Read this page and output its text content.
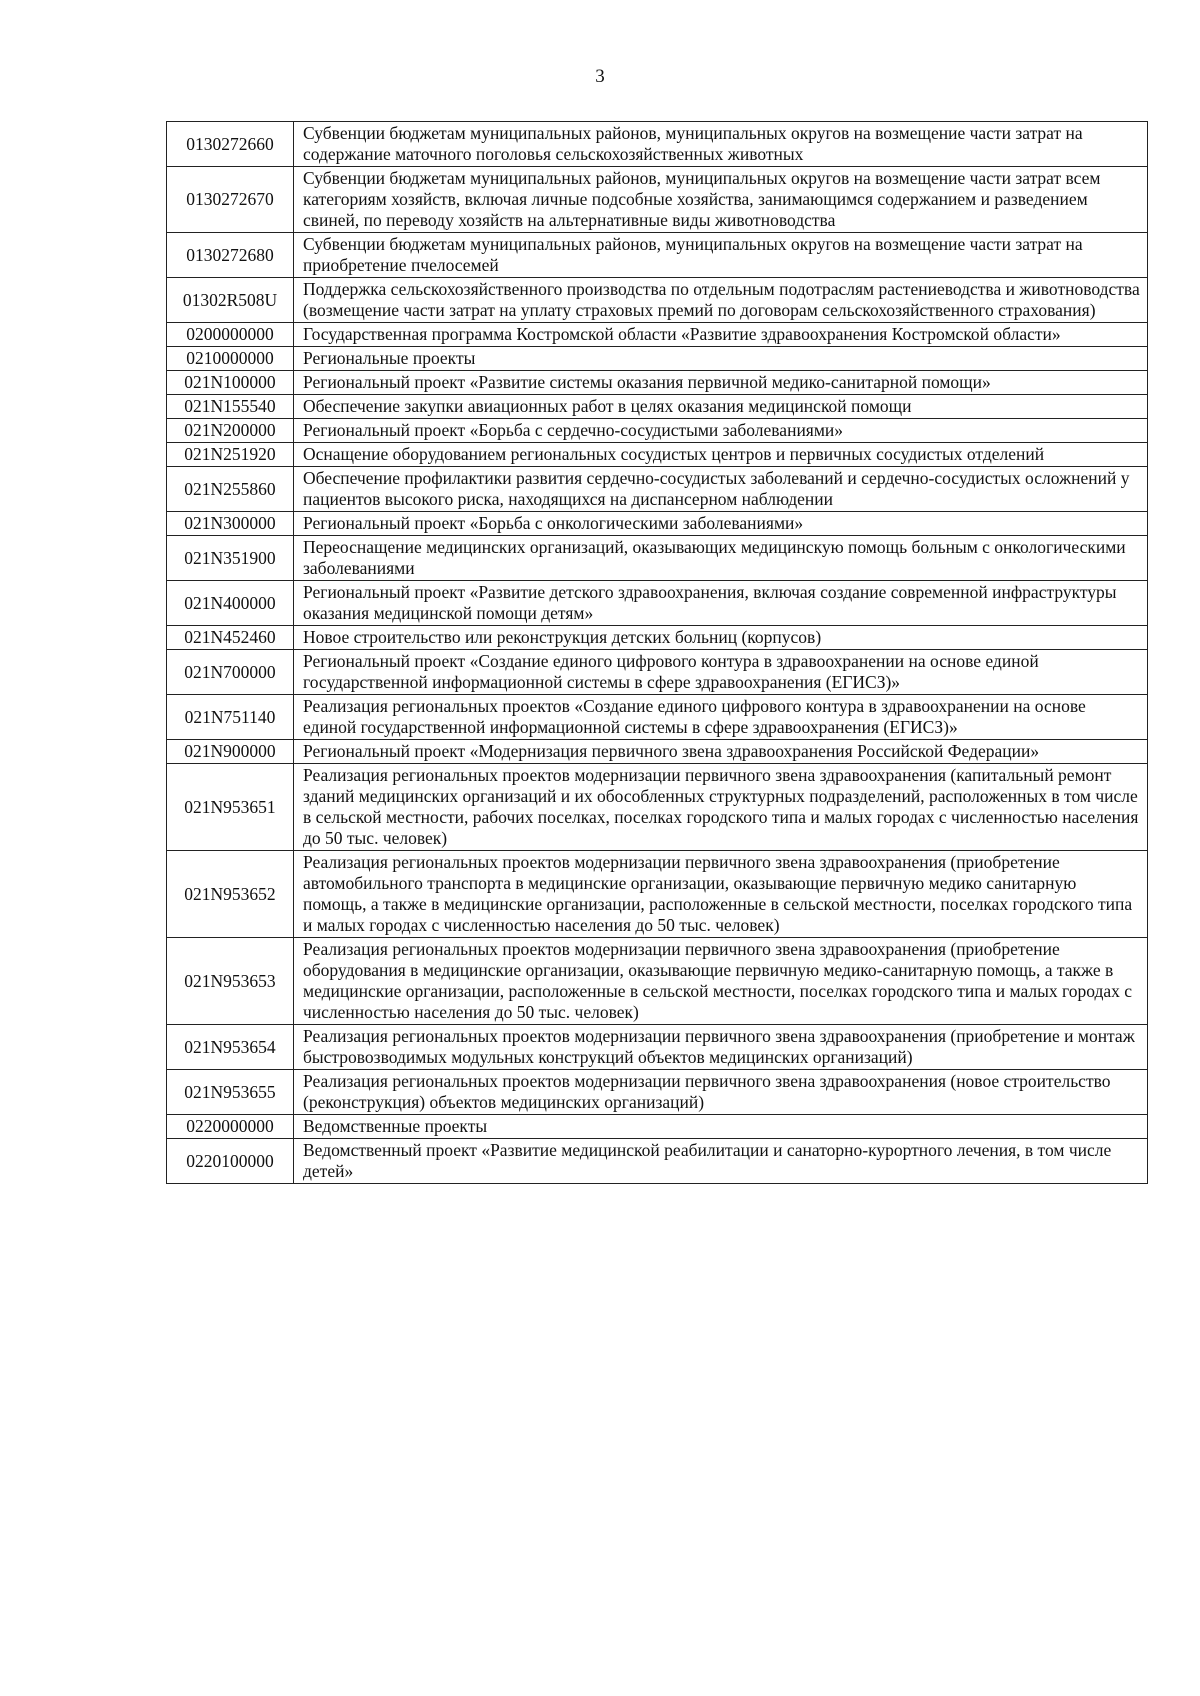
3
0130272660	Субвенции бюджетам муниципальных районов, муниципальных округов на возмещение части затрат на содержание маточного поголовья сельскохозяйственных животных
0130272670	Субвенции бюджетам муниципальных районов, муниципальных округов на возмещение части затрат всем категориям хозяйств, включая личные подсобные хозяйства, занимающимся содержанием и разведением свиней, по переводу хозяйств на альтернативные виды животноводства
0130272680	Субвенции бюджетам муниципальных районов, муниципальных округов на возмещение части затрат на приобретение пчелосемей
01302R508U	Поддержка сельскохозяйственного производства по отдельным подотраслям растениеводства и животноводства (возмещение части затрат на уплату страховых премий по договорам сельскохозяйственного страхования)
0200000000	Государственная программа Костромской области «Развитие здравоохранения Костромской области»
0210000000	Региональные проекты
021N100000	Региональный проект «Развитие системы оказания первичной медико-санитарной помощи»
021N155540	Обеспечение закупки авиационных работ в целях оказания медицинской помощи
021N200000	Региональный проект «Борьба с сердечно-сосудистыми заболеваниями»
021N251920	Оснащение оборудованием региональных сосудистых центров и первичных сосудистых отделений
021N255860	Обеспечение профилактики развития сердечно-сосудистых заболеваний и сердечно-сосудистых осложнений у пациентов высокого риска, находящихся на диспансерном наблюдении
021N300000	Региональный проект «Борьба с онкологическими заболеваниями»
021N351900	Переоснащение медицинских организаций, оказывающих медицинскую помощь больным с онкологическими заболеваниями
021N400000	Региональный проект «Развитие детского здравоохранения, включая создание современной инфраструктуры оказания медицинской помощи детям»
021N452460	Новое строительство или реконструкция детских больниц (корпусов)
021N700000	Региональный проект «Создание единого цифрового контура в здравоохранении на основе единой государственной информационной системы в сфере здравоохранения (ЕГИСЗ)»
021N751140	Реализация региональных проектов «Создание единого цифрового контура в здравоохранении на основе единой государственной информационной системы в сфере здравоохранения (ЕГИСЗ)»
021N900000	Региональный проект «Модернизация первичного звена здравоохранения Российской Федерации»
021N953651	Реализация региональных проектов модернизации первичного звена здравоохранения (капитальный ремонт зданий медицинских организаций и их обособленных структурных подразделений, расположенных в том числе в сельской местности, рабочих поселках, поселках городского типа и малых городах с численностью населения до 50 тыс. человек)
021N953652	Реализация региональных проектов модернизации первичного звена здравоохранения (приобретение автомобильного транспорта в медицинские организации, оказывающие первичную медико санитарную помощь, а также в медицинские организации, расположенные в сельской местности, поселках городского типа и малых городах с численностью населения до 50 тыс. человек)
021N953653	Реализация региональных проектов модернизации первичного звена здравоохранения (приобретение оборудования в медицинские организации, оказывающие первичную медико-санитарную помощь, а также в медицинские организации, расположенные в сельской местности, поселках городского типа и малых городах с численностью населения до 50 тыс. человек)
021N953654	Реализация региональных проектов модернизации первичного звена здравоохранения (приобретение и монтаж быстровозводимых модульных конструкций объектов медицинских организаций)
021N953655	Реализация региональных проектов модернизации первичного звена здравоохранения (новое строительство (реконструкция) объектов медицинских организаций)
0220000000	Ведомственные проекты
0220100000	Ведомственный проект «Развитие медицинской реабилитации и санаторно-курортного лечения, в том числе детей»
